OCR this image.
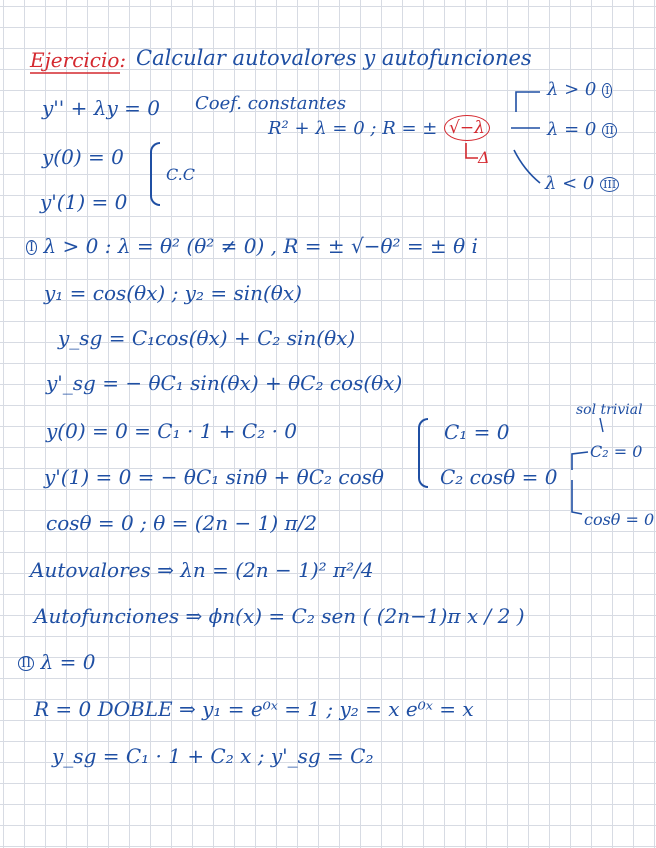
Ejercicio: Calcular autovalores y autofunciones
y'' + λy = 0
y(0) = 0
y'(1) = 0
C.C
Coef. constantes
R² + λ = 0 ; R = ± √−λ
Δ
λ > 0 I
λ = 0 II
λ < 0 III
I λ > 0 : λ = θ² (θ² ≠ 0) , R = ± √−θ² = ± θ i
y₁ = cos(θx) ; y₂ = sin(θx)
y_sg = C₁cos(θx) + C₂ sin(θx)
y'_sg = − θC₁ sin(θx) + θC₂ cos(θx)
y(0) = 0 = C₁ · 1 + C₂ · 0
y'(1) = 0 = − θC₁ sinθ + θC₂ cosθ
C₁ = 0
C₂ cosθ = 0
sol trivial
C₂ = 0
cosθ = 0
cosθ = 0 ; θ = (2n − 1) π/2
Autovalores ⇒ λn = (2n − 1)² π²/4
Autofunciones ⇒ ϕn(x) = C₂ sen ( (2n−1)π x / 2 )
II λ = 0
R = 0 DOBLE ⇒ y₁ = e⁰ˣ = 1 ; y₂ = x e⁰ˣ = x
y_sg = C₁ · 1 + C₂ x ; y'_sg = C₂
